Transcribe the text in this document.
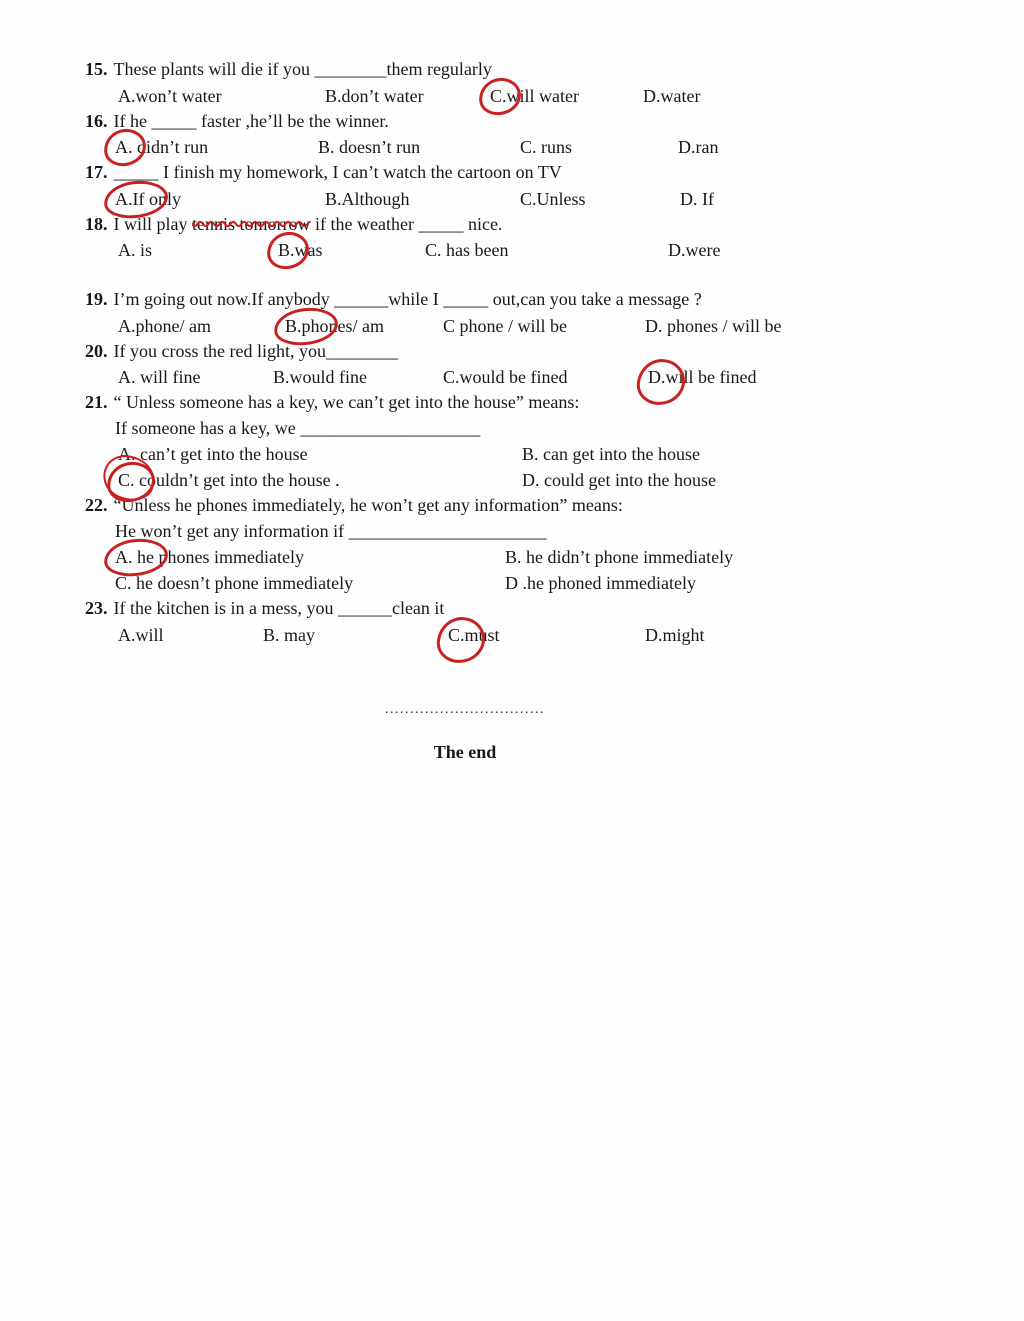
15. These plants will die if you ________them regularly
A.won’t water	B.don’t water	C.will water	D.water
16. If he _____ faster ,he’ll be the winner.
A. didn’t run	B. doesn’t run	C. runs	D.ran
17. _____ I finish my homework, I can’t watch the cartoon on TV
A.If only	B.Although	C.Unless	D. If
18. I will play tennis tomorrow if the weather _____ nice.
A. is	B.was	C. has been	D.were
19. I’m going out now.If anybody ______while I _____ out,can you take a message ?
A.phone/ am	B.phones/ am	C phone / will be	D. phones / will be
20. If you cross the red light, you________
A. will fine	B.would fine	C.would be fined	D.will be fined
21. “ Unless someone has a key, we can’t get into the house” means:
If someone has a key, we ____________________
A. can’t get into the house	B. can get into the house
C. couldn’t get into the house .	D. could get into the house
22. “Unless he phones immediately, he won’t get any information” means:
He won’t get any information if ______________________
A. he phones immediately	B. he didn’t phone immediately
C. he doesn’t phone immediately	D .he phoned immediately
23. If the kitchen is in a mess, you ______clean it
A.will	B. may	C.must	D.might
................................
The end
